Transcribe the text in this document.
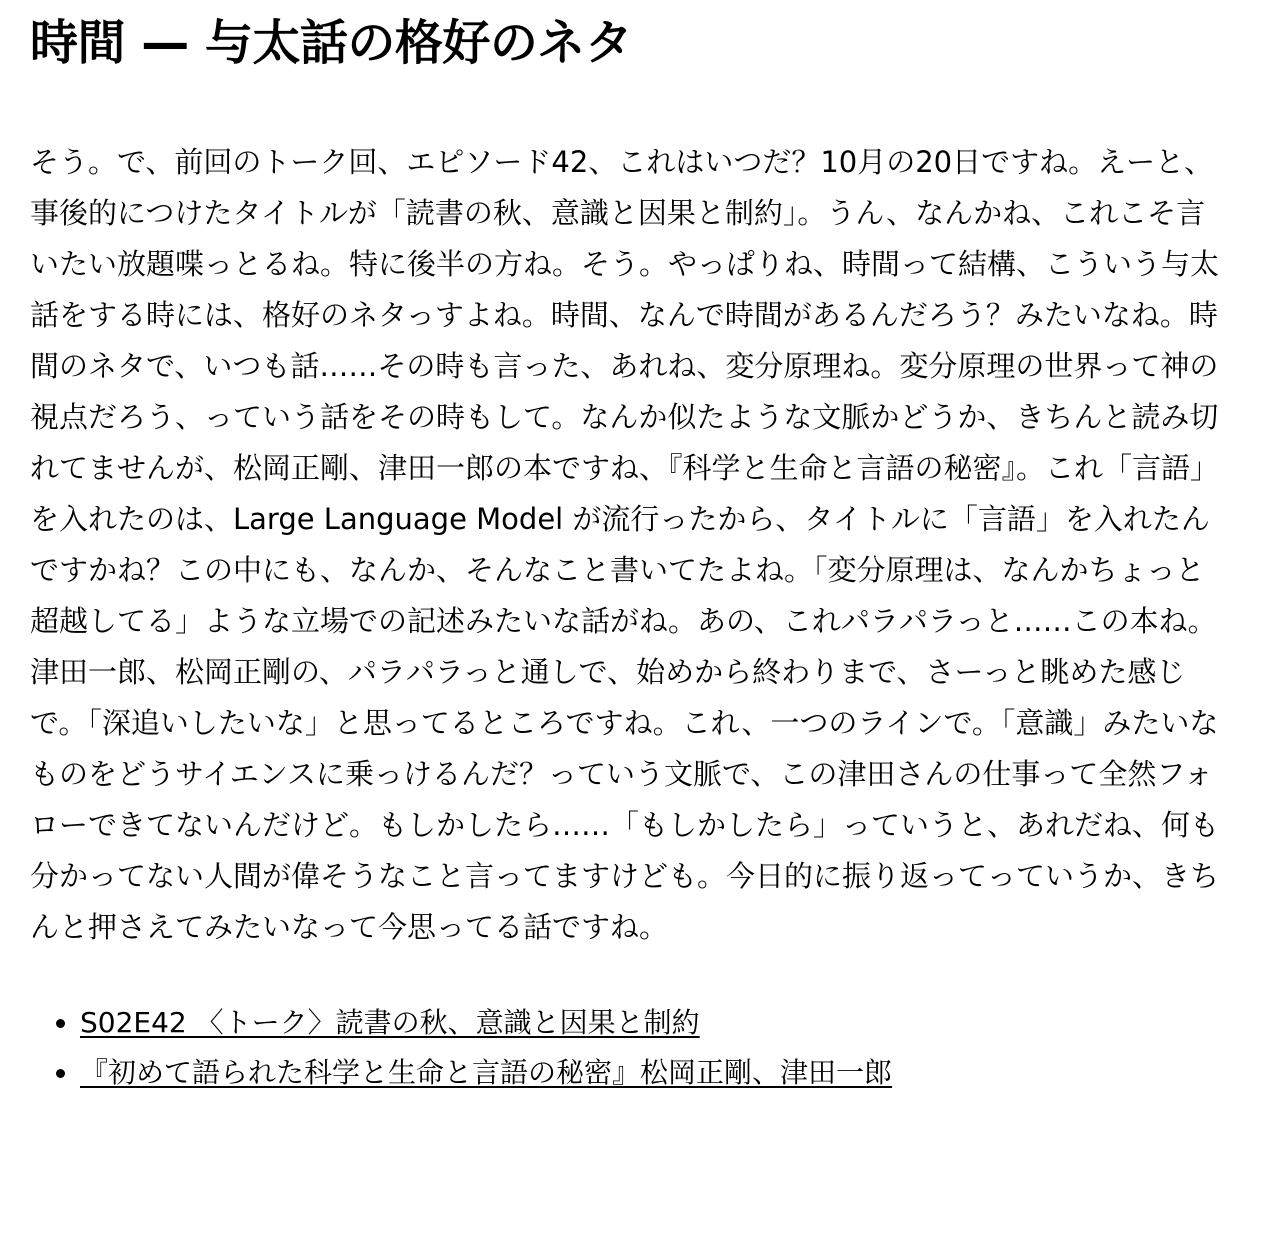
時間 — 与太話の格好のネタ

そう。で、前回のトーク回、エピソード42、これはいつだ？10月の20日ですね。えーと、事後的につけたタイトルが「読書の秋、意識と因果と制約」。うん、なんかね、これこそ言いたい放題喋っとるね。特に後半の方ね。そう。やっぱりね、時間って結構、こういう与太話をする時には、格好のネタっすよね。時間、なんで時間があるんだろう？みたいなね。時間のネタで、いつも話……その時も言った、あれね、変分原理ね。変分原理の世界って神の視点だろう、っていう話をその時もして。なんか似たような文脈かどうか、きちんと読み切れてませんが、松岡正剛、津田一郎の本ですね、『科学と生命と言語の秘密』。これ「言語」を入れたのは、Large Language Model が流行ったから、タイトルに「言語」を入れたんですかね？この中にも、なんか、そんなこと書いてたよね。「変分原理は、なんかちょっと超越してる」ような立場での記述みたいな話がね。あの、これパラパラっと……この本ね。津田一郎、松岡正剛の、パラパラっと通しで、始めから終わりまで、さーっと眺めた感じで。「深追いしたいな」と思ってるところですね。これ、一つのラインで。「意識」みたいなものをどうサイエンスに乗っけるんだ？っていう文脈で、この津田さんの仕事って全然フォローできてないんだけど。もしかしたら……「もしかしたら」っていうと、あれだね、何も分かってない人間が偉そうなこと言ってますけども。今日的に振り返ってっていうか、きちんと押さえてみたいなって今思ってる話ですね。

• S02E42 〈トーク〉読書の秋、意識と因果と制約
• 『初めて語られた科学と生命と言語の秘密』松岡正剛、津田一郎
